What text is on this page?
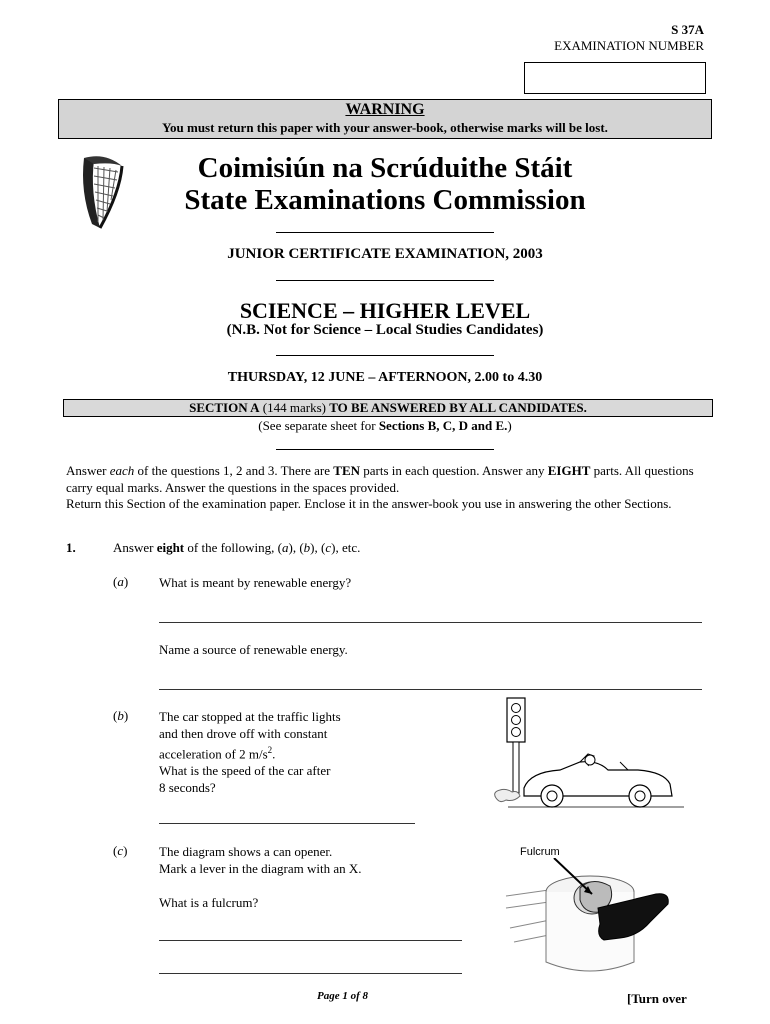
S 37A
EXAMINATION NUMBER
WARNING
You must return this paper with your answer-book, otherwise marks will be lost.
Coimisiún na Scrúduithe Stáit
State Examinations Commission
JUNIOR CERTIFICATE EXAMINATION, 2003
SCIENCE – HIGHER LEVEL
(N.B. Not for Science – Local Studies Candidates)
THURSDAY, 12 JUNE – AFTERNOON, 2.00 to 4.30
SECTION A (144 marks) TO BE ANSWERED BY ALL CANDIDATES.
(See separate sheet for Sections B, C, D and E.)
Answer each of the questions 1, 2 and 3. There are TEN parts in each question. Answer any EIGHT parts. All questions carry equal marks. Answer the questions in the spaces provided.
Return this Section of the examination paper. Enclose it in the answer-book you use in answering the other Sections.
1.	Answer eight of the following, (a), (b), (c), etc.
(a) What is meant by renewable energy?
Name a source of renewable energy.
(b) The car stopped at the traffic lights
and then drove off with constant
acceleration of 2 $m/s^2$.
What is the speed of the car after
8 seconds?
(c) The diagram shows a can opener.
Mark a lever in the diagram with an X.
What is a fulcrum?
Fulcrum
Page 1 of 8	[Turn over
